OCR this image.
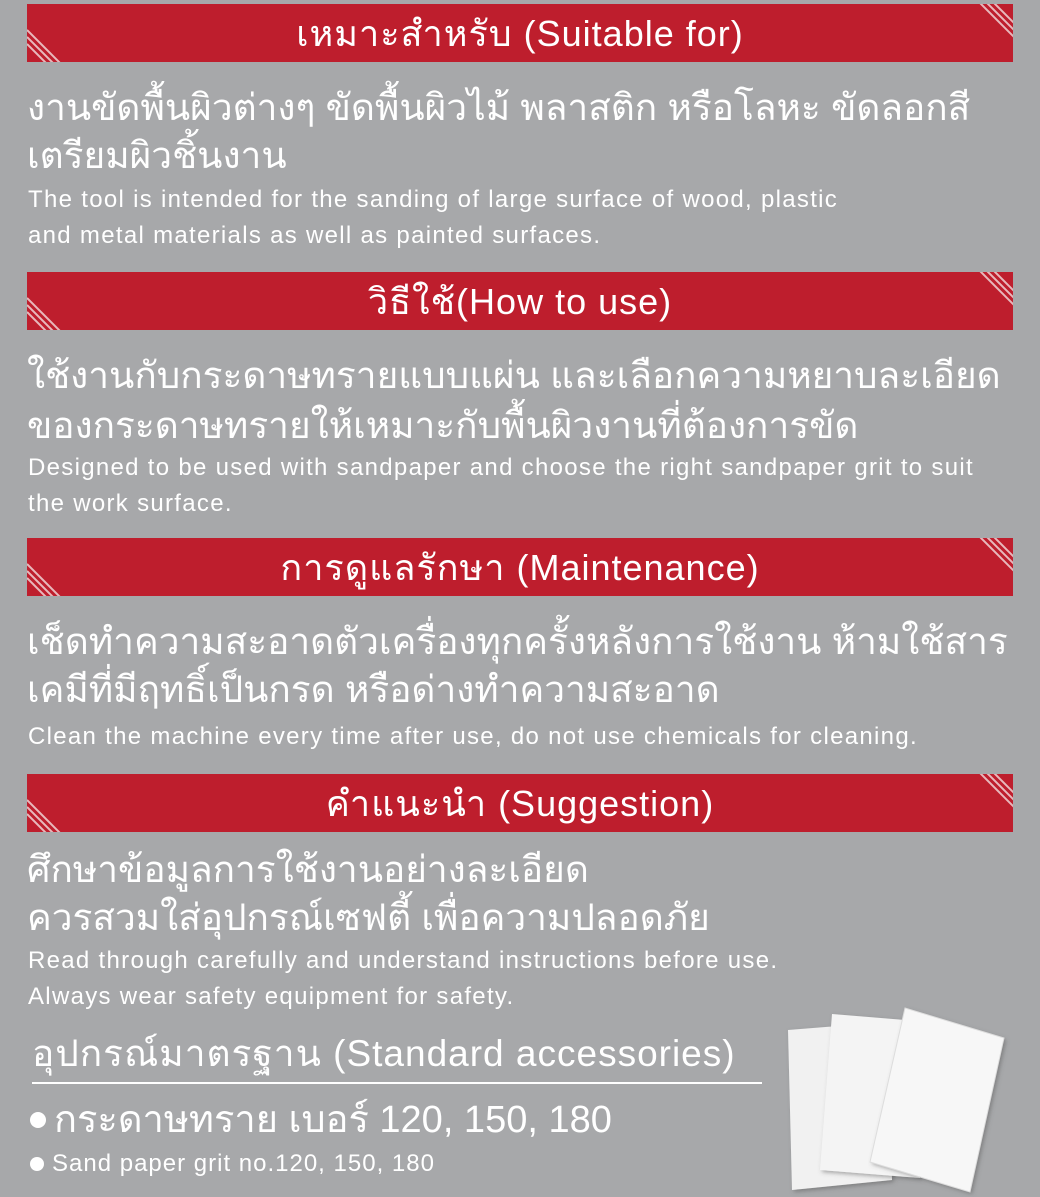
เหมาะสำหรับ (Suitable for)
งานขัดพื้นผิวต่างๆ ขัดพื้นผิวไม้ พลาสติก หรือโลหะ ขัดลอกสี
เตรียมผิวชิ้นงาน
The tool is intended for the sanding of large surface of wood, plastic
and metal materials as well as painted surfaces.
วิธีใช้(How to use)
ใช้งานกับกระดาษทรายแบบแผ่น และเลือกความหยาบละเอียด
ของกระดาษทรายให้เหมาะกับพื้นผิวงานที่ต้องการขัด
Designed to be used with sandpaper and choose the right sandpaper grit to suit
the work surface.
การดูแลรักษา (Maintenance)
เช็ดทำความสะอาดตัวเครื่องทุกครั้งหลังการใช้งาน ห้ามใช้สาร
เคมีที่มีฤทธิ์เป็นกรด หรือด่างทำความสะอาด
Clean the machine every time after use, do not use chemicals for cleaning.
คำแนะนำ (Suggestion)
ศึกษาข้อมูลการใช้งานอย่างละเอียด
ควรสวมใส่อุปกรณ์เซฟตี้ เพื่อความปลอดภัย
Read through carefully and understand instructions before use.
Always wear safety equipment for safety.
อุปกรณ์มาตรฐาน (Standard accessories)
กระดาษทราย เบอร์ 120, 150, 180
Sand paper grit no.120, 150, 180
